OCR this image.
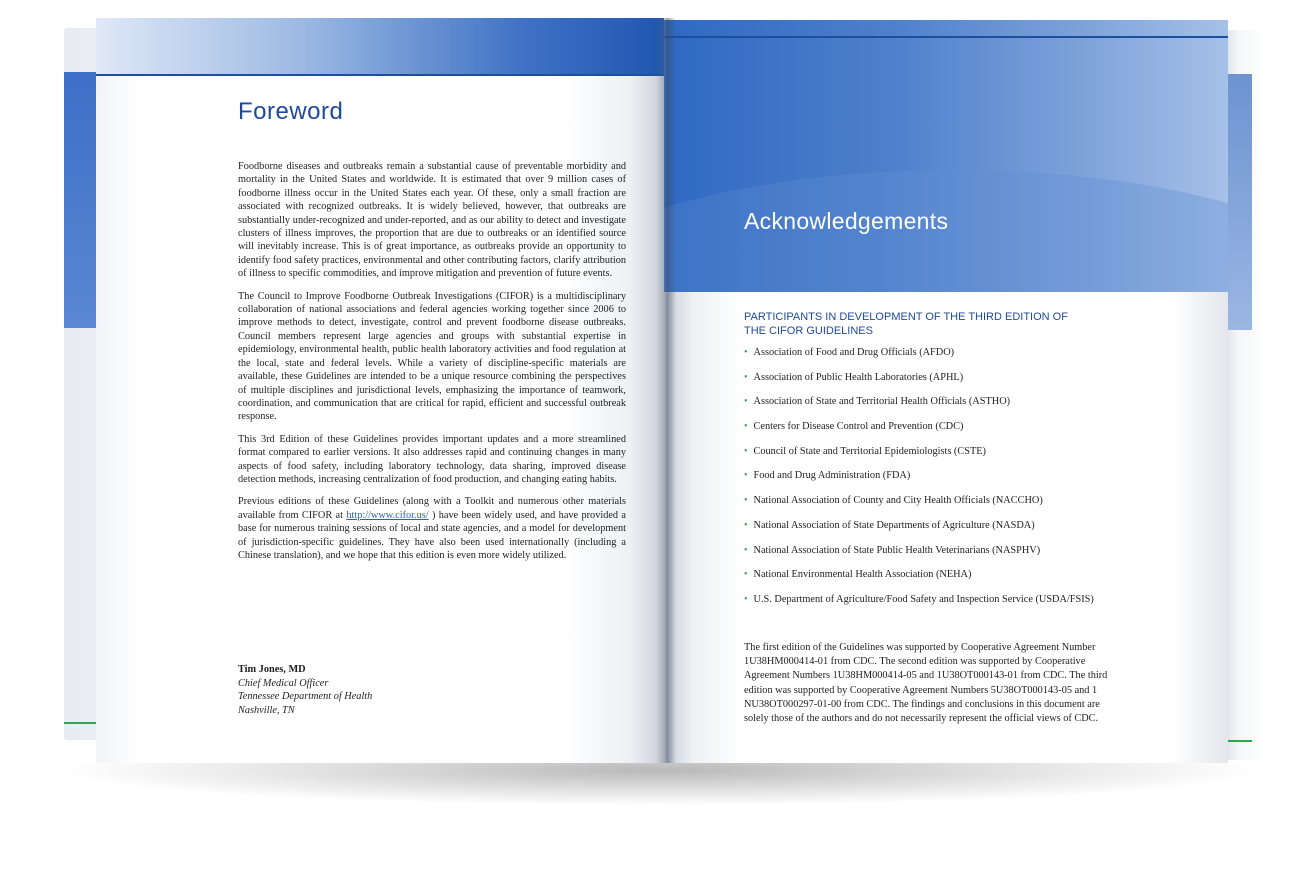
Foreword

Foodborne diseases and outbreaks remain a substantial cause of preventable morbidity and mortality in the United States and worldwide. It is estimated that over 9 million cases of foodborne illness occur in the United States each year. Of these, only a small fraction are associated with recognized outbreaks. It is widely believed, however, that outbreaks are substantially under-recognized and under-reported, and as our ability to detect and investigate clusters of illness improves, the proportion that are due to outbreaks or an identified source will inevitably increase. This is of great importance, as outbreaks provide an opportunity to identify food safety practices, environmental and other contributing factors, clarify attribution of illness to specific commodities, and improve mitigation and prevention of future events.

The Council to Improve Foodborne Outbreak Investigations (CIFOR) is a multidisciplinary collaboration of national associations and federal agencies working together since 2006 to improve methods to detect, investigate, control and prevent foodborne disease outbreaks. Council members represent large agencies and groups with substantial expertise in epidemiology, environmental health, public health laboratory activities and food regulation at the local, state and federal levels. While a variety of discipline-specific materials are available, these Guidelines are intended to be a unique resource combining the perspectives of multiple disciplines and jurisdictional levels, emphasizing the importance of teamwork, coordination, and communication that are critical for rapid, efficient and successful outbreak response.

This 3rd Edition of these Guidelines provides important updates and a more streamlined format compared to earlier versions. It also addresses rapid and continuing changes in many aspects of food safety, including laboratory technology, data sharing, improved disease detection methods, increasing centralization of food production, and changing eating habits.

Previous editions of these Guidelines (along with a Toolkit and numerous other materials available from CIFOR at http://www.cifor.us/ ) have been widely used, and have provided a base for numerous training sessions of local and state agencies, and a model for development of jurisdiction-specific guidelines. They have also been used internationally (including a Chinese translation), and we hope that this edition is even more widely utilized.

Tim Jones, MD
Chief Medical Officer
Tennessee Department of Health
Nashville, TN
Acknowledgements
PARTICIPANTS IN DEVELOPMENT OF THE THIRD EDITION OF THE CIFOR GUIDELINES
• Association of Food and Drug Officials (AFDO)
• Association of Public Health Laboratories (APHL)
• Association of State and Territorial Health Officials (ASTHO)
• Centers for Disease Control and Prevention (CDC)
• Council of State and Territorial Epidemiologists (CSTE)
• Food and Drug Administration (FDA)
• National Association of County and City Health Officials (NACCHO)
• National Association of State Departments of Agriculture (NASDA)
• National Association of State Public Health Veterinarians (NASPHV)
• National Environmental Health Association (NEHA)
• U.S. Department of Agriculture/Food Safety and Inspection Service (USDA/FSIS)
The first edition of the Guidelines was supported by Cooperative Agreement Number 1U38HM000414-01 from CDC. The second edition was supported by Cooperative Agreement Numbers 1U38HM000414-05 and 1U38OT000143-01 from CDC. The third edition was supported by Cooperative Agreement Numbers 5U38OT000143-05 and 1 NU38OT000297-01-00 from CDC. The findings and conclusions in this document are solely those of the authors and do not necessarily represent the official views of CDC.
